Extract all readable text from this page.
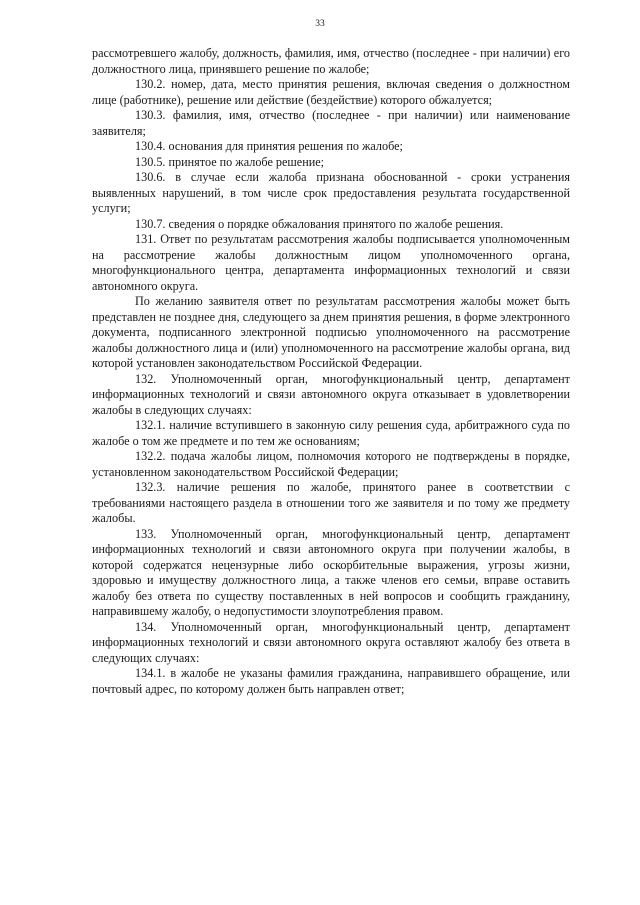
33

рассмотревшего жалобу, должность, фамилия, имя, отчество (последнее - при наличии) его должностного лица, принявшего решение по жалобе;

130.2. номер, дата, место принятия решения, включая сведения о должностном лице (работнике), решение или действие (бездействие) которого обжалуется;

130.3. фамилия, имя, отчество (последнее - при наличии) или наименование заявителя;

130.4. основания для принятия решения по жалобе;

130.5. принятое по жалобе решение;

130.6. в случае если жалоба признана обоснованной - сроки устранения выявленных нарушений, в том числе срок предоставления результата государственной услуги;

130.7. сведения о порядке обжалования принятого по жалобе решения.

131. Ответ по результатам рассмотрения жалобы подписывается уполномоченным на рассмотрение жалобы должностным лицом уполномоченного органа, многофункционального центра, департамента информационных технологий и связи автономного округа.

По желанию заявителя ответ по результатам рассмотрения жалобы может быть представлен не позднее дня, следующего за днем принятия решения, в форме электронного документа, подписанного электронной подписью уполномоченного на рассмотрение жалобы должностного лица и (или) уполномоченного на рассмотрение жалобы органа, вид которой установлен законодательством Российской Федерации.

132. Уполномоченный орган, многофункциональный центр, департамент информационных технологий и связи автономного округа отказывает в удовлетворении жалобы в следующих случаях:

132.1. наличие вступившего в законную силу решения суда, арбитражного суда по жалобе о том же предмете и по тем же основаниям;

132.2. подача жалобы лицом, полномочия которого не подтверждены в порядке, установленном законодательством Российской Федерации;

132.3. наличие решения по жалобе, принятого ранее в соответствии с требованиями настоящего раздела в отношении того же заявителя и по тому же предмету жалобы.

133. Уполномоченный орган, многофункциональный центр, департамент информационных технологий и связи автономного округа при получении жалобы, в которой содержатся нецензурные либо оскорбительные выражения, угрозы жизни, здоровью и имуществу должностного лица, а также членов его семьи, вправе оставить жалобу без ответа по существу поставленных в ней вопросов и сообщить гражданину, направившему жалобу, о недопустимости злоупотребления правом.

134. Уполномоченный орган, многофункциональный центр, департамент информационных технологий и связи автономного округа оставляют жалобу без ответа в следующих случаях:

134.1. в жалобе не указаны фамилия гражданина, направившего обращение, или почтовый адрес, по которому должен быть направлен ответ;
